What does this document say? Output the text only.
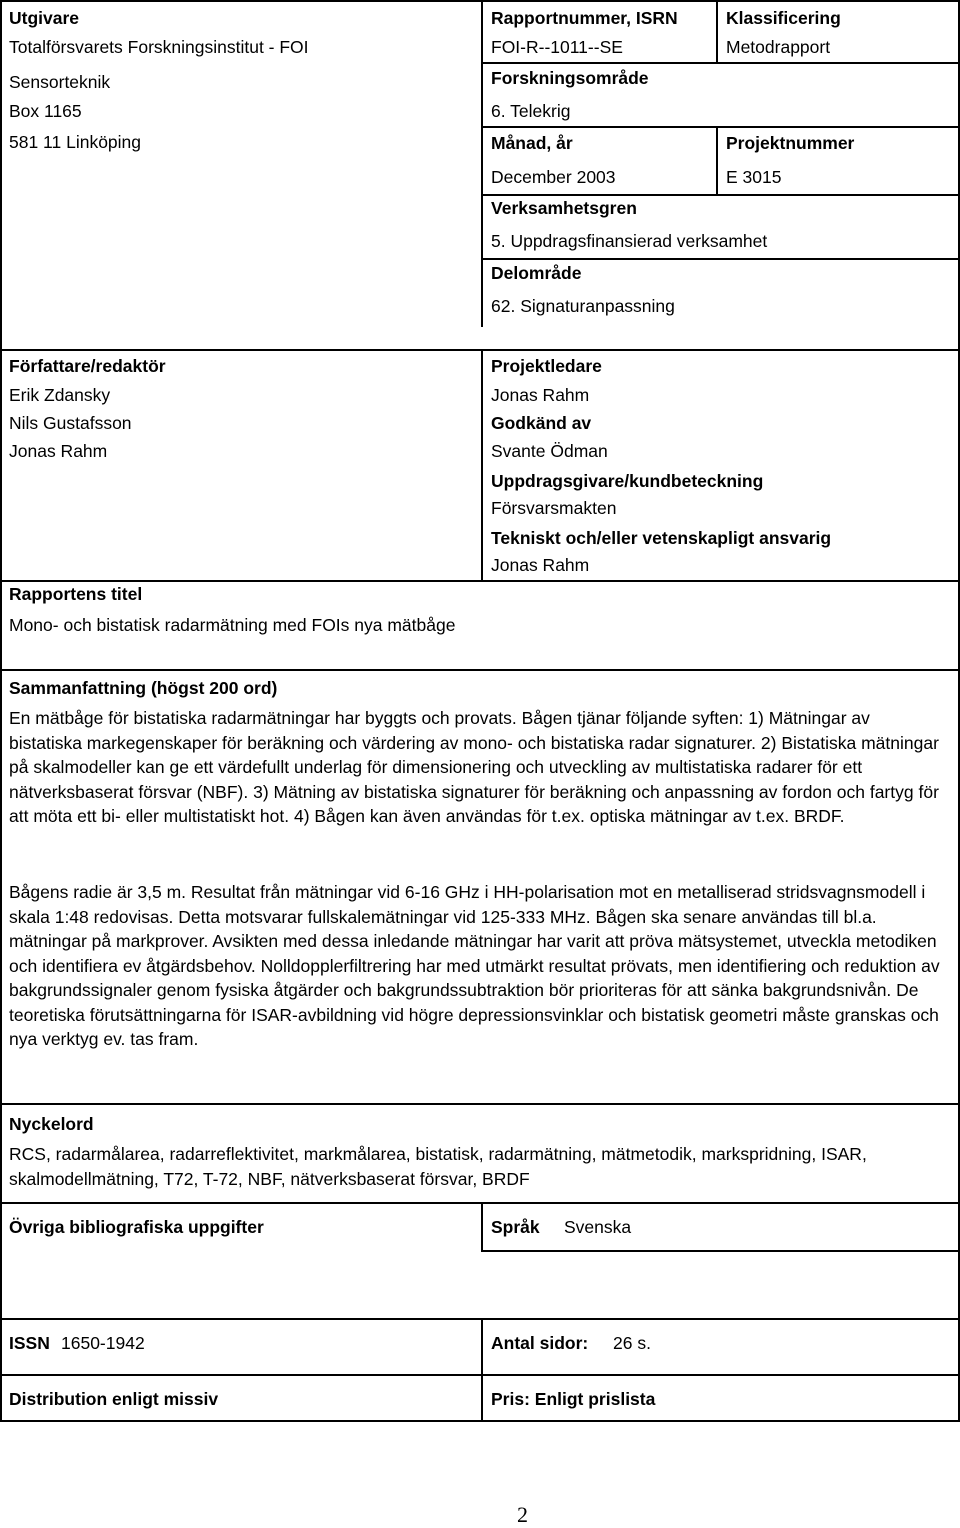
Utgivare
Totalförsvarets Forskningsinstitut - FOI
Sensorteknik
Box 1165
581 11 Linköping
Rapportnummer, ISRN
FOI-R--1011--SE
Klassificering
Metodrapport
Forskningsområde
6. Telekrig
Månad, år
December 2003
Projektnummer
E 3015
Verksamhetsgren
5. Uppdragsfinansierad verksamhet
Delområde
62. Signaturanpassning
Författare/redaktör
Erik Zdansky
Nils Gustafsson
Jonas Rahm
Projektledare
Jonas Rahm
Godkänd av
Svante Ödman
Uppdragsgivare/kundbeteckning
Försvarsmakten
Tekniskt och/eller vetenskapligt ansvarig
Jonas Rahm
Rapportens titel
Mono- och bistatisk radarmätning med FOIs nya mätbåge
Sammanfattning (högst 200 ord)
En mätbåge för bistatiska radarmätningar har byggts och provats. Bågen tjänar följande syften: 1) Mätningar av bistatiska markegenskaper för beräkning och värdering av mono- och bistatiska radar signaturer. 2) Bistatiska mätningar på skalmodeller kan ge ett värdefullt underlag för dimensionering och utveckling av multistatiska radarer för ett nätverksbaserat försvar (NBF). 3) Mätning av bistatiska signaturer för beräkning och anpassning av fordon och fartyg för att möta ett bi- eller multistatiskt hot. 4) Bågen kan även användas för t.ex. optiska mätningar av t.ex. BRDF.
Bågens radie är 3,5 m. Resultat från mätningar vid 6-16 GHz i HH-polarisation mot en metalliserad stridsvagnsmodell i skala 1:48 redovisas. Detta motsvarar fullskalemätningar vid 125-333 MHz. Bågen ska senare användas till bl.a. mätningar på markprover. Avsikten med dessa inledande mätningar har varit att pröva mätsystemet, utveckla metodiken och identifiera ev åtgärdsbehov. Nolldopplerfiltrering har med utmärkt resultat prövats, men identifiering och reduktion av bakgrundssignaler genom fysiska åtgärder och bakgrundssubtraktion bör prioriteras för att sänka bakgrundsnivån. De teoretiska förutsättningarna för ISAR-avbildning vid högre depressionsvinklar och bistatisk geometri måste granskas och nya verktyg ev. tas fram.
Nyckelord
RCS, radarmålarea, radarreflektivitet, markmålarea, bistatisk, radarmätning, mätmetodik, markspridning, ISAR, skalmodellmätning, T72, T-72, NBF, nätverksbaserat försvar, BRDF
Övriga bibliografiska uppgifter	Språk Svenska
ISSN 1650-1942	Antal sidor: 26 s.
Distribution enligt missiv	Pris: Enligt prislista
2
